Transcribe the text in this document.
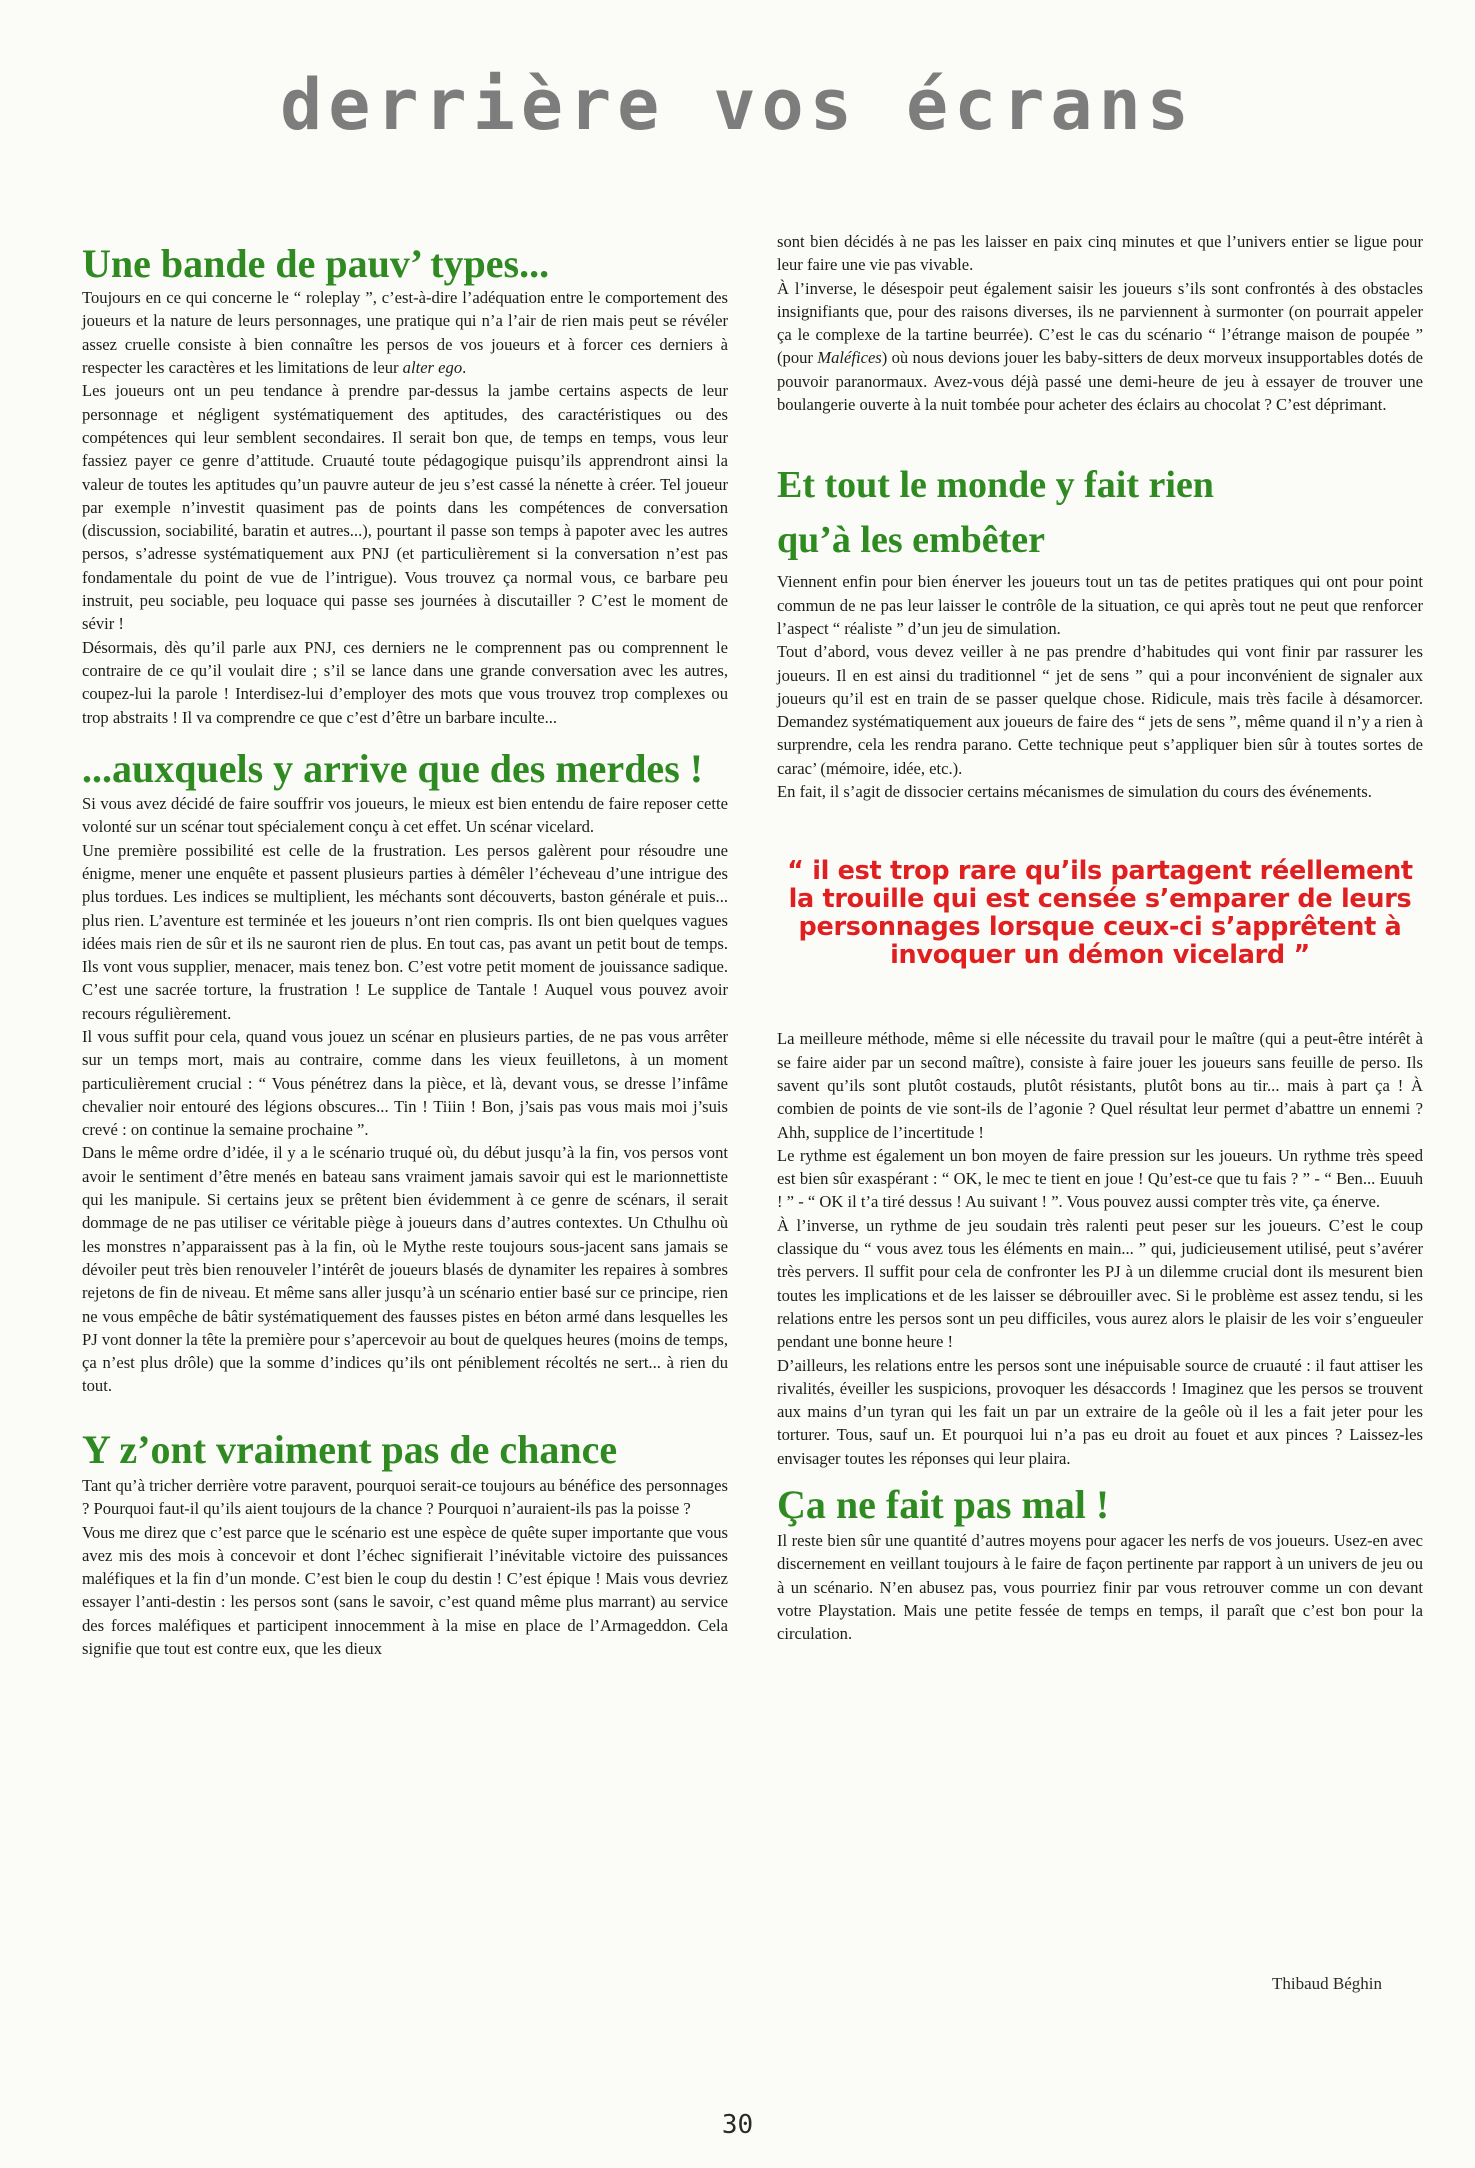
derrière vos écrans
Une bande de pauv’ types...

Toujours en ce qui concerne le “ roleplay ”, c’est-à-dire l’adéquation entre le comportement des joueurs et la nature de leurs personnages, une pratique qui n’a l’air de rien mais peut se révéler assez cruelle consiste à bien connaître les persos de vos joueurs et à forcer ces derniers à respecter les caractères et les limitations de leur alter ego.

Les joueurs ont un peu tendance à prendre par-dessus la jambe certains aspects de leur personnage et négligent systématiquement des aptitudes, des caractéristiques ou des compétences qui leur semblent secondaires. Il serait bon que, de temps en temps, vous leur fassiez payer ce genre d’attitude. Cruauté toute pédagogique puisqu’ils apprendront ainsi la valeur de toutes les aptitudes qu’un pauvre auteur de jeu s’est cassé la nénette à créer. Tel joueur par exemple n’investit quasiment pas de points dans les compétences de conversation (discussion, sociabilité, baratin et autres...), pourtant il passe son temps à papoter avec les autres persos, s’adresse systématiquement aux PNJ (et particulièrement si la conversation n’est pas fondamentale du point de vue de l’intrigue). Vous trouvez ça normal vous, ce barbare peu instruit, peu sociable, peu loquace qui passe ses journées à discutailler ? C’est le moment de sévir !

Désormais, dès qu’il parle aux PNJ, ces derniers ne le comprennent pas ou comprennent le contraire de ce qu’il voulait dire ; s’il se lance dans une grande conversation avec les autres, coupez-lui la parole ! Interdisez-lui d’employer des mots que vous trouvez trop complexes ou trop abstraits ! Il va comprendre ce que c’est d’être un barbare inculte...

...auxquels y arrive que des merdes !

Si vous avez décidé de faire souffrir vos joueurs, le mieux est bien entendu de faire reposer cette volonté sur un scénar tout spécialement conçu à cet effet. Un scénar vicelard.

Une première possibilité est celle de la frustration. Les persos galèrent pour résoudre une énigme, mener une enquête et passent plusieurs parties à démêler l’écheveau d’une intrigue des plus tordues. Les indices se multiplient, les méchants sont découverts, baston générale et puis... plus rien. L’aventure est terminée et les joueurs n’ont rien compris. Ils ont bien quelques vagues idées mais rien de sûr et ils ne sauront rien de plus. En tout cas, pas avant un petit bout de temps. Ils vont vous supplier, menacer, mais tenez bon. C’est votre petit moment de jouissance sadique. C’est une sacrée torture, la frustration ! Le supplice de Tantale ! Auquel vous pouvez avoir recours régulièrement.

Il vous suffit pour cela, quand vous jouez un scénar en plusieurs parties, de ne pas vous arrêter sur un temps mort, mais au contraire, comme dans les vieux feuilletons, à un moment particulièrement crucial : “ Vous pénétrez dans la pièce, et là, devant vous, se dresse l’infâme chevalier noir entouré des légions obscures... Tin ! Tiiin ! Bon, j’sais pas vous mais moi j’suis crevé : on continue la semaine prochaine ”.

Dans le même ordre d’idée, il y a le scénario truqué où, du début jusqu’à la fin, vos persos vont avoir le sentiment d’être menés en bateau sans vraiment jamais savoir qui est le marionnettiste qui les manipule. Si certains jeux se prêtent bien évidemment à ce genre de scénars, il serait dommage de ne pas utiliser ce véritable piège à joueurs dans d’autres contextes. Un Cthulhu où les monstres n’apparaissent pas à la fin, où le Mythe reste toujours sous-jacent sans jamais se dévoiler peut très bien renouveler l’intérêt de joueurs blasés de dynamiter les repaires à sombres rejetons de fin de niveau. Et même sans aller jusqu’à un scénario entier basé sur ce principe, rien ne vous empêche de bâtir systématiquement des fausses pistes en béton armé dans lesquelles les PJ vont donner la tête la première pour s’apercevoir au bout de quelques heures (moins de temps, ça n’est plus drôle) que la somme d’indices qu’ils ont péniblement récoltés ne sert... à rien du tout.

Y z’ont vraiment pas de chance

Tant qu’à tricher derrière votre paravent, pourquoi serait-ce toujours au bénéfice des personnages ? Pourquoi faut-il qu’ils aient toujours de la chance ? Pourquoi n’auraient-ils pas la poisse ?

Vous me direz que c’est parce que le scénario est une espèce de quête super importante que vous avez mis des mois à concevoir et dont l’échec signifierait l’inévitable victoire des puissances maléfiques et la fin d’un monde. C’est bien le coup du destin ! C’est épique ! Mais vous devriez essayer l’anti-destin : les persos sont (sans le savoir, c’est quand même plus marrant) au service des forces maléfiques et participent innocemment à la mise en place de l’Armageddon. Cela signifie que tout est contre eux, que les dieux

sont bien décidés à ne pas les laisser en paix cinq minutes et que l’univers entier se ligue pour leur faire une vie pas vivable.

À l’inverse, le désespoir peut également saisir les joueurs s’ils sont confrontés à des obstacles insignifiants que, pour des raisons diverses, ils ne parviennent à surmonter (on pourrait appeler ça le complexe de la tartine beurrée). C’est le cas du scénario “ l’étrange maison de poupée ” (pour Maléfices) où nous devions jouer les baby-sitters de deux morveux insupportables dotés de pouvoir paranormaux. Avez-vous déjà passé une demi-heure de jeu à essayer de trouver une boulangerie ouverte à la nuit tombée pour acheter des éclairs au chocolat ? C’est déprimant.

Et tout le monde y fait rien
qu’à les embêter

Viennent enfin pour bien énerver les joueurs tout un tas de petites pratiques qui ont pour point commun de ne pas leur laisser le contrôle de la situation, ce qui après tout ne peut que renforcer l’aspect “ réaliste ” d’un jeu de simulation.

Tout d’abord, vous devez veiller à ne pas prendre d’habitudes qui vont finir par rassurer les joueurs. Il en est ainsi du traditionnel “ jet de sens ” qui a pour inconvénient de signaler aux joueurs qu’il est en train de se passer quelque chose. Ridicule, mais très facile à désamorcer. Demandez systématiquement aux joueurs de faire des “ jets de sens ”, même quand il n’y a rien à surprendre, cela les rendra parano. Cette technique peut s’appliquer bien sûr à toutes sortes de carac’ (mémoire, idée, etc.).

En fait, il s’agit de dissocier certains mécanismes de simulation du cours des événements.

“ il est trop rare qu’ils partagent réellement la trouille qui est censée s’emparer de leurs personnages lorsque ceux-ci s’apprêtent à invoquer un démon vicelard ”

La meilleure méthode, même si elle nécessite du travail pour le maître (qui a peut-être intérêt à se faire aider par un second maître), consiste à faire jouer les joueurs sans feuille de perso. Ils savent qu’ils sont plutôt costauds, plutôt résistants, plutôt bons au tir... mais à part ça ! À combien de points de vie sont-ils de l’agonie ? Quel résultat leur permet d’abattre un ennemi ? Ahh, supplice de l’incertitude !

Le rythme est également un bon moyen de faire pression sur les joueurs. Un rythme très speed est bien sûr exaspérant : “ OK, le mec te tient en joue ! Qu’est-ce que tu fais ? ” - “ Ben... Euuuh ! ” - “ OK il t’a tiré dessus ! Au suivant ! ”. Vous pouvez aussi compter très vite, ça énerve.

À l’inverse, un rythme de jeu soudain très ralenti peut peser sur les joueurs. C’est le coup classique du “ vous avez tous les éléments en main... ” qui, judicieusement utilisé, peut s’avérer très pervers. Il suffit pour cela de confronter les PJ à un dilemme crucial dont ils mesurent bien toutes les implications et de les laisser se débrouiller avec. Si le problème est assez tendu, si les relations entre les persos sont un peu difficiles, vous aurez alors le plaisir de les voir s’engueuler pendant une bonne heure !

D’ailleurs, les relations entre les persos sont une inépuisable source de cruauté : il faut attiser les rivalités, éveiller les suspicions, provoquer les désaccords ! Imaginez que les persos se trouvent aux mains d’un tyran qui les fait un par un extraire de la geôle où il les a fait jeter pour les torturer. Tous, sauf un. Et pourquoi lui n’a pas eu droit au fouet et aux pinces ? Laissez-les envisager toutes les réponses qui leur plaira.

Ça ne fait pas mal !

Il reste bien sûr une quantité d’autres moyens pour agacer les nerfs de vos joueurs. Usez-en avec discernement en veillant toujours à le faire de façon pertinente par rapport à un univers de jeu ou à un scénario. N’en abusez pas, vous pourriez finir par vous retrouver comme un con devant votre Playstation. Mais une petite fessée de temps en temps, il paraît que c’est bon pour la circulation.

Thibaud Béghin
30
